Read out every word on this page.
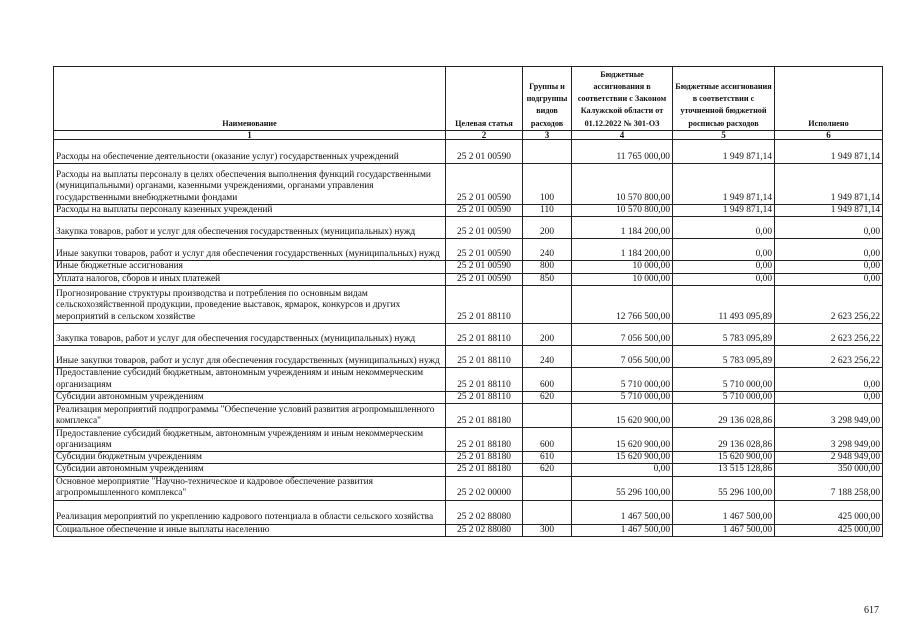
Наименование	Целевая статья	Группы и подгруппы видов расходов	Бюджетные ассигнования в соответствии с Законом Калужской области от 01.12.2022 № 301-ОЗ	Бюджетные ассигнования в соответствии с уточненной бюджетной росписью расходов	Исполнено
1	2	3	4	5	6
Расходы на обеспечение деятельности (оказание услуг) государственных учреждений	25 2 01 00590		11 765 000,00	1 949 871,14	1 949 871,14
Расходы на выплаты персоналу в целях обеспечения выполнения функций государственными (муниципальными) органами, казенными учреждениями, органами управления государственными внебюджетными фондами	25 2 01 00590	100	10 570 800,00	1 949 871,14	1 949 871,14
Расходы на выплаты персоналу казенных учреждений	25 2 01 00590	110	10 570 800,00	1 949 871,14	1 949 871,14
Закупка товаров, работ и услуг для обеспечения государственных (муниципальных) нужд	25 2 01 00590	200	1 184 200,00	0,00	0,00
Иные закупки товаров, работ и услуг для обеспечения государственных (муниципальных) нужд	25 2 01 00590	240	1 184 200,00	0,00	0,00
Иные бюджетные ассигнования	25 2 01 00590	800	10 000,00	0,00	0,00
Уплата налогов, сборов и иных платежей	25 2 01 00590	850	10 000,00	0,00	0,00
Прогнозирование структуры производства и потребления по основным видам сельскохозяйственной продукции, проведение выставок, ярмарок, конкурсов и других мероприятий в сельском хозяйстве	25 2 01 88110		12 766 500,00	11 493 095,89	2 623 256,22
Закупка товаров, работ и услуг для обеспечения государственных (муниципальных) нужд	25 2 01 88110	200	7 056 500,00	5 783 095,89	2 623 256,22
Иные закупки товаров, работ и услуг для обеспечения государственных (муниципальных) нужд	25 2 01 88110	240	7 056 500,00	5 783 095,89	2 623 256,22
Предоставление субсидий бюджетным, автономным учреждениям и иным некоммерческим организациям	25 2 01 88110	600	5 710 000,00	5 710 000,00	0,00
Субсидии автономным учреждениям	25 2 01 88110	620	5 710 000,00	5 710 000,00	0,00
Реализация мероприятий подпрограммы "Обеспечение условий развития агропромышленного комплекса"	25 2 01 88180		15 620 900,00	29 136 028,86	3 298 949,00
Предоставление субсидий бюджетным, автономным учреждениям и иным некоммерческим организациям	25 2 01 88180	600	15 620 900,00	29 136 028,86	3 298 949,00
Субсидии бюджетным учреждениям	25 2 01 88180	610	15 620 900,00	15 620 900,00	2 948 949,00
Субсидии автономным учреждениям	25 2 01 88180	620	0,00	13 515 128,86	350 000,00
Основное мероприятие "Научно-техническое и кадровое обеспечение развития агропромышленного комплекса"	25 2 02 00000		55 296 100,00	55 296 100,00	7 188 258,00
Реализация мероприятий по укреплению кадрового потенциала в области сельского хозяйства	25 2 02 88080		1 467 500,00	1 467 500,00	425 000,00
Социальное обеспечение и иные выплаты населению	25 2 02 88080	300	1 467 500,00	1 467 500,00	425 000,00
617
